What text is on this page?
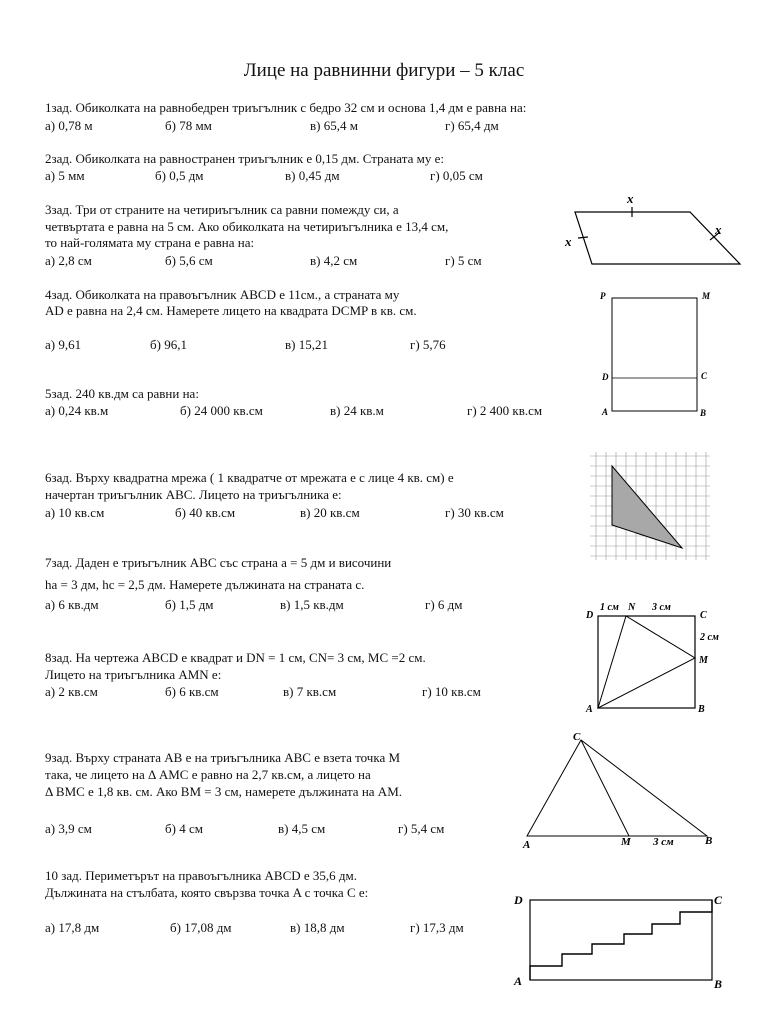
Лице на равнинни фигури – 5 клас
1зад. Обиколката на равнобедрен триъгълник с бедро 32 см и основа 1,4 дм е равна на:
а) 0,78 м	б) 78 мм	в) 65,4 м	г) 65,4 дм
2зад. Обиколката на равностранен триъгълник е 0,15 дм. Страната му е:
а) 5 мм	б) 0,5 дм	в) 0,45 дм	г) 0,05 см
3зад. Три от страните на четириъгълник са равни помежду си, а
четвъртата е равна на 5 см. Ако обиколката на четириъгълника е 13,4 см,
то най-голямата му страна е равна на:
а) 2,8 см	б) 5,6 см	в) 4,2 см	г) 5 см
x
x
x
4зад. Обиколката на правоъгълник ABCD е 11см., а страната му
AD е равна на 2,4 см. Намерете лицето на квадрата DCMP в кв. см.
а) 9,61	б) 96,1	в) 15,21	г) 5,76
P	M
D	C
A	B
5зад. 240 кв.дм са равни на:
а) 0,24 кв.м	б) 24 000 кв.см	в) 24 кв.м	г) 2 400 кв.см
6зад. Върху квадратна мрежа ( 1 квадратче от мрежата е с лице 4 кв. см) е
начертан триъгълник ABC. Лицето на триъгълника е:
а) 10 кв.см	б) 40 кв.см	в) 20 кв.см	г) 30 кв.см
7зад. Даден е триъгълник ABC със страна a = 5 дм и височини
ha = 3 дм, hc = 2,5 дм. Намерете дължината на страната c.
а) 6 кв.дм	б) 1,5 дм	в) 1,5 кв.дм	г) 6 дм
D
1 см N 3 см
C
2 см
M
A	B
8зад. На чертежа ABCD е квадрат и DN = 1 см, CN= 3 см, MC =2 см.
Лицето на триъгълника AMN е:
а) 2 кв.см	б) 6 кв.см	в) 7 кв.см	г) 10 кв.см
9зад. Върху страната AB е на триъгълника ABC е взета точка M
така, че лицето на Δ AMC е равно на 2,7 кв.см, а лицето на
Δ BMC е 1,8 кв. см. Ако BM = 3 см, намерете дължината на AM.
а) 3,9 см	б) 4 см	в) 4,5 см	г) 5,4 см
C
A	M 3 см	B
10 зад. Периметърът на правоъгълника ABCD е 35,6 дм.
Дължината на стълбата, която свързва точка A с точка C е:
а) 17,8 дм	б) 17,08 дм	в) 18,8 дм	г) 17,3 дм
D	C
A	B
